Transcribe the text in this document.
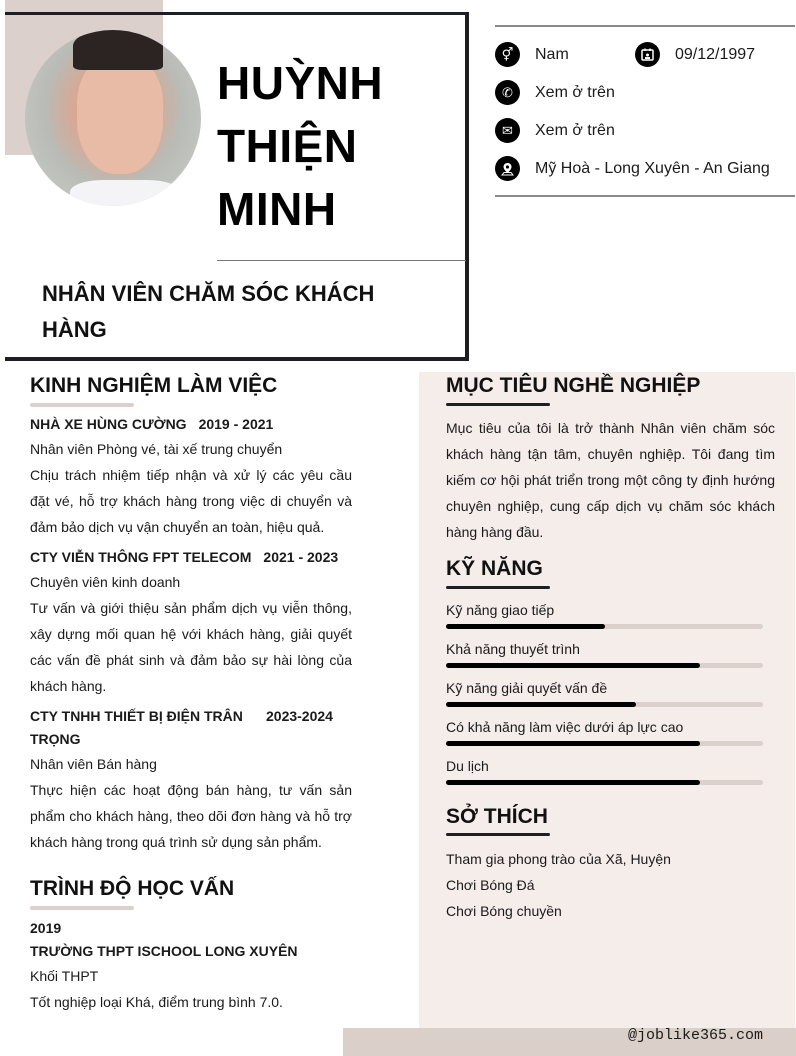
HUỲNH
THIỆN
MINH
NHÂN VIÊN CHĂM SÓC KHÁCH HÀNG
⚥	Nam	09/12/1997
✆	Xem ở trên
✉	Xem ở trên
Mỹ Hoà - Long Xuyên - An Giang
@joblike365.com
KINH NGHIỆM LÀM VIỆC
NHÀ XE HÙNG CƯỜNG 2019 - 2021
Nhân viên Phòng vé, tài xế trung chuyển
Chịu trách nhiệm tiếp nhận và xử lý các yêu cầu đặt vé, hỗ trợ khách hàng trong việc di chuyển và đảm bảo dịch vụ vận chuyển an toàn, hiệu quả.
CTY VIỄN THÔNG FPT TELECOM 2021 - 2023
Chuyên viên kinh doanh
Tư vấn và giới thiệu sản phẩm dịch vụ viễn thông, xây dựng mối quan hệ với khách hàng, giải quyết các vấn đề phát sinh và đảm bảo sự hài lòng của khách hàng.
CTY TNHH THIẾT BỊ ĐIỆN TRÂN TRỌNG
2023-2024
Nhân viên Bán hàng
Thực hiện các hoạt động bán hàng, tư vấn sản phẩm cho khách hàng, theo dõi đơn hàng và hỗ trợ khách hàng trong quá trình sử dụng sản phẩm.
TRÌNH ĐỘ HỌC VẤN
2019
TRƯỜNG THPT ISCHOOL LONG XUYÊN
Khối THPT
Tốt nghiệp loại Khá, điểm trung bình 7.0.
MỤC TIÊU NGHỀ NGHIỆP
Mục tiêu của tôi là trở thành Nhân viên chăm sóc khách hàng tận tâm, chuyên nghiệp. Tôi đang tìm kiếm cơ hội phát triển trong một công ty định hướng chuyên nghiệp, cung cấp dịch vụ chăm sóc khách hàng hàng đầu.
KỸ NĂNG
Kỹ năng giao tiếp
Khả năng thuyết trình
Kỹ năng giải quyết vấn đề
Có khả năng làm việc dưới áp lực cao
Du lịch
SỞ THÍCH
Tham gia phong trào của Xã, Huyện
Chơi Bóng Đá
Chơi Bóng chuyền
